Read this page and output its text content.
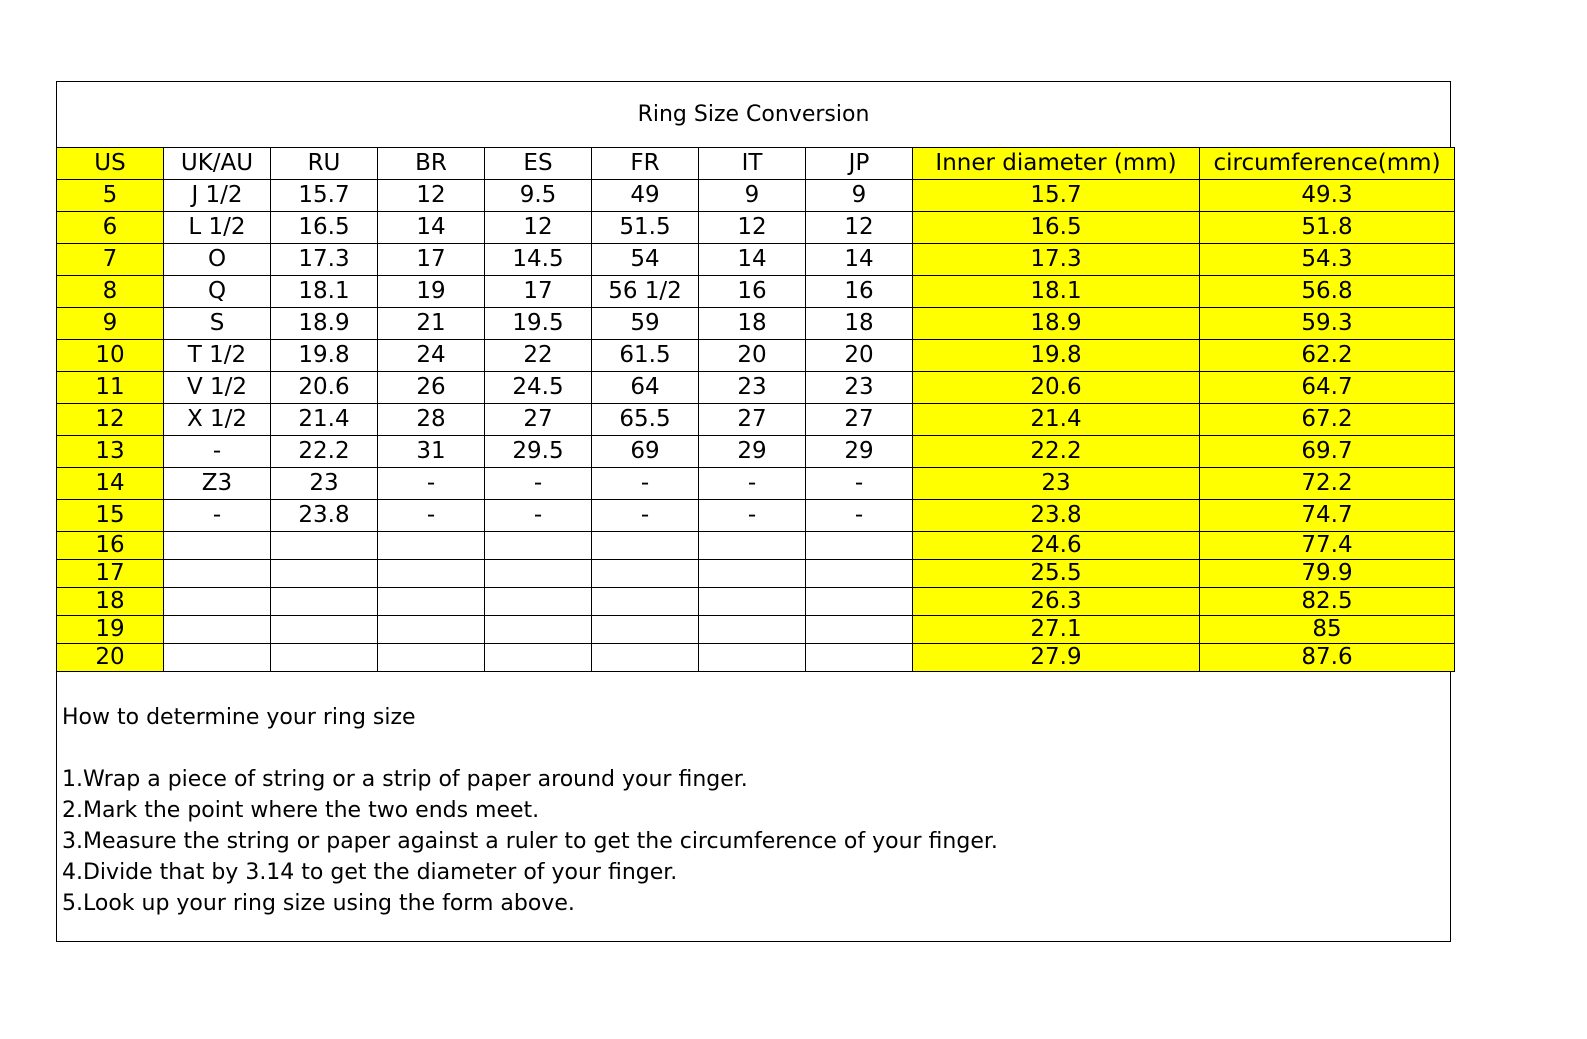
Ring Size Conversion
US	UK/AU	RU	BR	ES	FR	IT	JP	Inner diameter (mm)	circumference(mm)
5	J 1/2	15.7	12	9.5	49	9	9	15.7	49.3
6	L 1/2	16.5	14	12	51.5	12	12	16.5	51.8
7	O	17.3	17	14.5	54	14	14	17.3	54.3
8	Q	18.1	19	17	56 1/2	16	16	18.1	56.8
9	S	18.9	21	19.5	59	18	18	18.9	59.3
10	T 1/2	19.8	24	22	61.5	20	20	19.8	62.2
11	V 1/2	20.6	26	24.5	64	23	23	20.6	64.7
12	X 1/2	21.4	28	27	65.5	27	27	21.4	67.2
13	-	22.2	31	29.5	69	29	29	22.2	69.7
14	Z3	23	-	-	-	-	-	23	72.2
15	-	23.8	-	-	-	-	-	23.8	74.7
16								24.6	77.4
17								25.5	79.9
18								26.3	82.5
19								27.1	85
20								27.9	87.6

How to determine your ring size

1.Wrap a piece of string or a strip of paper around your finger.

2.Mark the point where the two ends meet.

3.Measure the string or paper against a ruler to get the circumference of your finger.

4.Divide that by 3.14 to get the diameter of your finger.

5.Look up your ring size using the form above.
